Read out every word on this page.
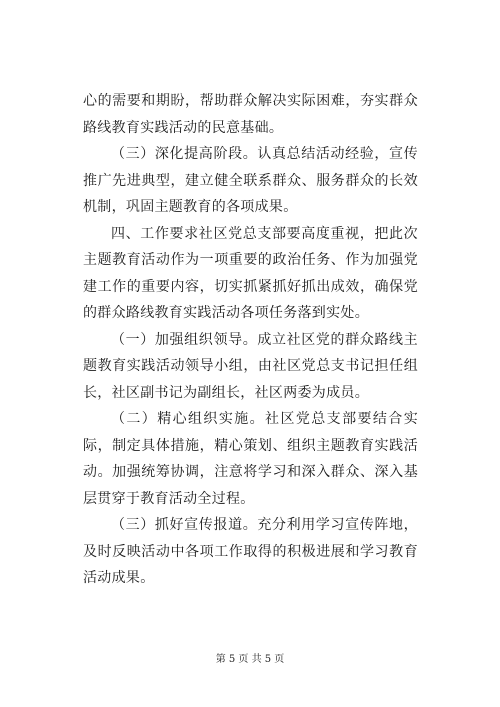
心的需要和期盼，帮助群众解决实际困难，夯实群众路线教育实践活动的民意基础。

（三）深化提高阶段。认真总结活动经验，宣传推广先进典型，建立健全联系群众、服务群众的长效机制，巩固主题教育的各项成果。

四、工作要求社区党总支部要高度重视，把此次主题教育活动作为一项重要的政治任务、作为加强党建工作的重要内容，切实抓紧抓好抓出成效，确保党的群众路线教育实践活动各项任务落到实处。

（一）加强组织领导。成立社区党的群众路线主题教育实践活动领导小组，由社区党总支书记担任组长，社区副书记为副组长，社区两委为成员。

（二）精心组织实施。社区党总支部要结合实际，制定具体措施，精心策划、组织主题教育实践活动。加强统筹协调，注意将学习和深入群众、深入基层贯穿于教育活动全过程。

（三）抓好宣传报道。充分利用学习宣传阵地，及时反映活动中各项工作取得的积极进展和学习教育活动成果。

第 5 页 共 5 页
